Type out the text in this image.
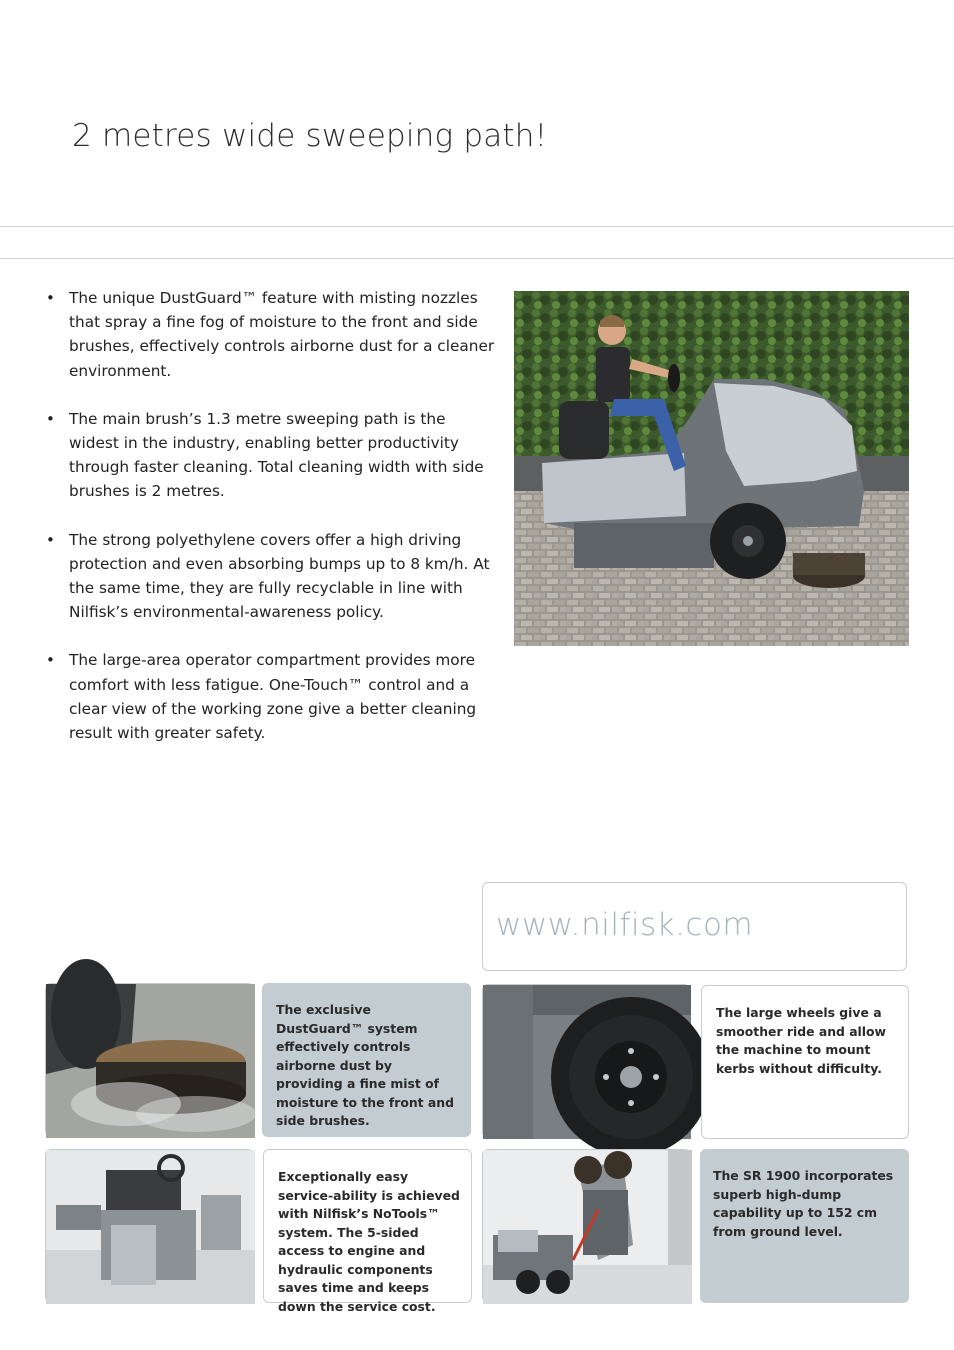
2 metres wide sweeping path!
• The unique DustGuard™ feature with misting nozzles that spray a fine fog of moisture to the front and side brushes, effectively controls airborne dust for a cleaner environment.
• The main brush’s 1.3 metre sweeping path is the widest in the industry, enabling better productivity through faster cleaning. Total cleaning width with side brushes is 2 metres.
• The strong polyethylene covers offer a high driving protection and even absorbing bumps up to 8 km/h. At the same time, they are fully recyclable in line with Nilfisk’s environmental-awareness policy.
• The large-area operator compartment provides more comfort with less fatigue. One-Touch™ control and a clear view of the working zone give a better cleaning result with greater safety.
www.nilfisk.com

The exclusive DustGuard™ system effectively controls airborne dust by providing a fine mist of moisture to the front and side brushes.

The large wheels give a smoother ride and allow the machine to mount kerbs without difficulty.

Exceptionally easy service-ability is achieved with Nilfisk’s NoTools™ system. The 5-sided access to engine and hydraulic components saves time and keeps down the service cost.

The SR 1900 incorporates superb high-dump capability up to 152 cm from ground level.
